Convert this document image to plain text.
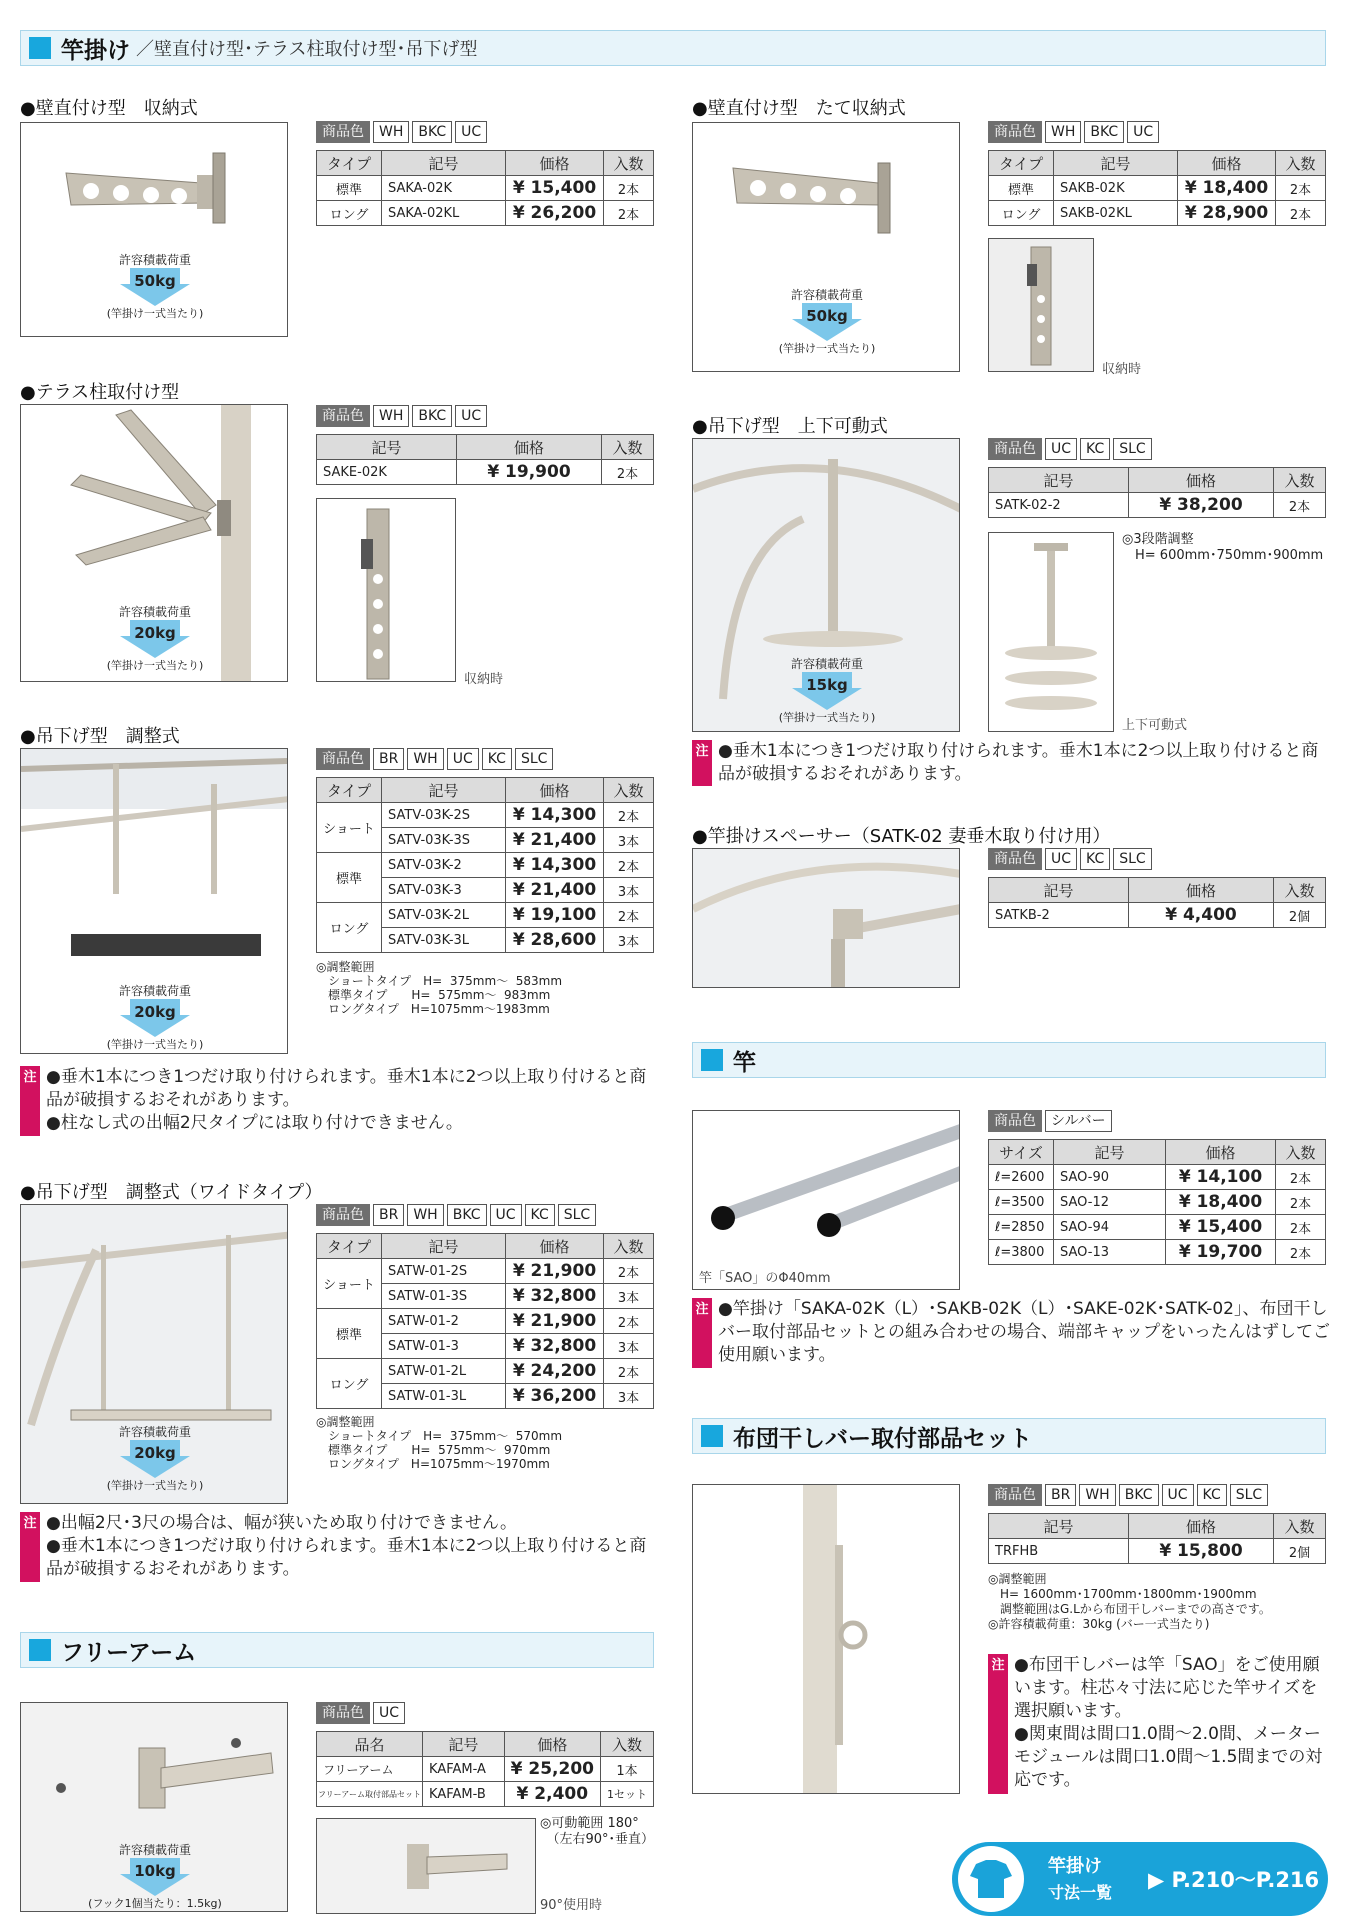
竿掛け ／壁直付け型･テラス柱取付け型･吊下げ型
●壁直付け型　収納式
許容積載荷重
50kg
(竿掛け一式当たり)
商品色	WH	BKC	UC
タイプ	記号	価格	入数
標準	SAKA-02K	¥ 15,400	2本
ロング	SAKA-02KL	¥ 26,200	2本
●テラス柱取付け型
許容積載荷重
20kg
(竿掛け一式当たり)
商品色	WH	BKC	UC
記号	価格	入数
SAKE-02K	¥ 19,900	2本
収納時
●吊下げ型　調整式
許容積載荷重
20kg
(竿掛け一式当たり)
商品色	BR	WH	UC	KC	SLC
タイプ	記号	価格	入数
ショート	SATV-03K-2S	¥ 14,300	2本
	SATV-03K-3S	¥ 21,400	3本
標準	SATV-03K-2	¥ 14,300	2本
	SATV-03K-3	¥ 21,400	3本
ロング	SATV-03K-2L	¥ 19,100	2本
	SATV-03K-3L	¥ 28,600	3本
◎調整範囲
　ショートタイプ　H=  375mm～  583mm
　標準タイプ　　H=  575mm～  983mm
　ロングタイプ　H=1075mm～1983mm
注 ●垂木1本につき1つだけ取り付けられます。垂木1本に2つ以上取り付けると商品が破損するおそれがあります。
●柱なし式の出幅2尺タイプには取り付けできません。
●吊下げ型　調整式（ワイドタイプ）
許容積載荷重
20kg
(竿掛け一式当たり)
商品色	BR	WH	BKC	UC	KC	SLC
タイプ	記号	価格	入数
ショート	SATW-01-2S	¥ 21,900	2本
	SATW-01-3S	¥ 32,800	3本
標準	SATW-01-2	¥ 21,900	2本
	SATW-01-3	¥ 32,800	3本
ロング	SATW-01-2L	¥ 24,200	2本
	SATW-01-3L	¥ 36,200	3本
◎調整範囲
　ショートタイプ　H=  375mm～  570mm
　標準タイプ　　H=  575mm～  970mm
　ロングタイプ　H=1075mm～1970mm
注 ●出幅2尺･3尺の場合は、幅が狭いため取り付けできません。
●垂木1本につき1つだけ取り付けられます。垂木1本に2つ以上取り付けると商品が破損するおそれがあります。
フリーアーム
許容積載荷重
10kg
(フック1個当たり：1.5kg)
商品色	UC
品名	記号	価格	入数
フリーアーム	KAFAM-A	¥ 25,200	1本
フリーアーム取付部品セット	KAFAM-B	¥ 2,400	1セット
◎可動範囲 180°
　（左右90°･垂直）
90°使用時
●壁直付け型　たて収納式
許容積載荷重
50kg
(竿掛け一式当たり)
商品色	WH	BKC	UC
タイプ	記号	価格	入数
標準	SAKB-02K	¥ 18,400	2本
ロング	SAKB-02KL	¥ 28,900	2本
収納時
●吊下げ型　上下可動式
許容積載荷重
15kg
(竿掛け一式当たり)
商品色	UC	KC	SLC
記号	価格	入数
SATK-02-2	¥ 38,200	2本
◎3段階調整
　H= 600mm･750mm･900mm
上下可動式
注 ●垂木1本につき1つだけ取り付けられます。垂木1本に2つ以上取り付けると商品が破損するおそれがあります。
●竿掛けスペーサー（SATK-02 妻垂木取り付け用）
商品色	UC	KC	SLC
記号	価格	入数
SATKB-2	¥ 4,400	2個
竿
竿「SAO」のΦ40mm
商品色	シルバー
サイズ	記号	価格	入数
ℓ=2600	SAO-90	¥ 14,100	2本
ℓ=3500	SAO-12	¥ 18,400	2本
ℓ=2850	SAO-94	¥ 15,400	2本
ℓ=3800	SAO-13	¥ 19,700	2本
注 ●竿掛け「SAKA-02K（L）･SAKB-02K（L）･SAKE-02K･SATK-02」、布団干しバー取付部品セットとの組み合わせの場合、端部キャップをいったんはずしてご使用願います。
布団干しバー取付部品セット
商品色	BR	WH	BKC	UC	KC	SLC
記号	価格	入数
TRFHB	¥ 15,800	2個
◎調整範囲
　H= 1600mm･1700mm･1800mm･1900mm
　調整範囲はG.Lから布団干しバーまでの高さです。
◎許容積載荷重：30kg (バー一式当たり)
注 ●布団干しバーは竿「SAO」をご使用願います。柱芯々寸法に応じた竿サイズを選択願います。
●関東間は間口1.0間～2.0間、メーターモジュールは間口1.0間～1.5間までの対応です。
竿掛け
寸法一覧
▶ P.210～P.216
